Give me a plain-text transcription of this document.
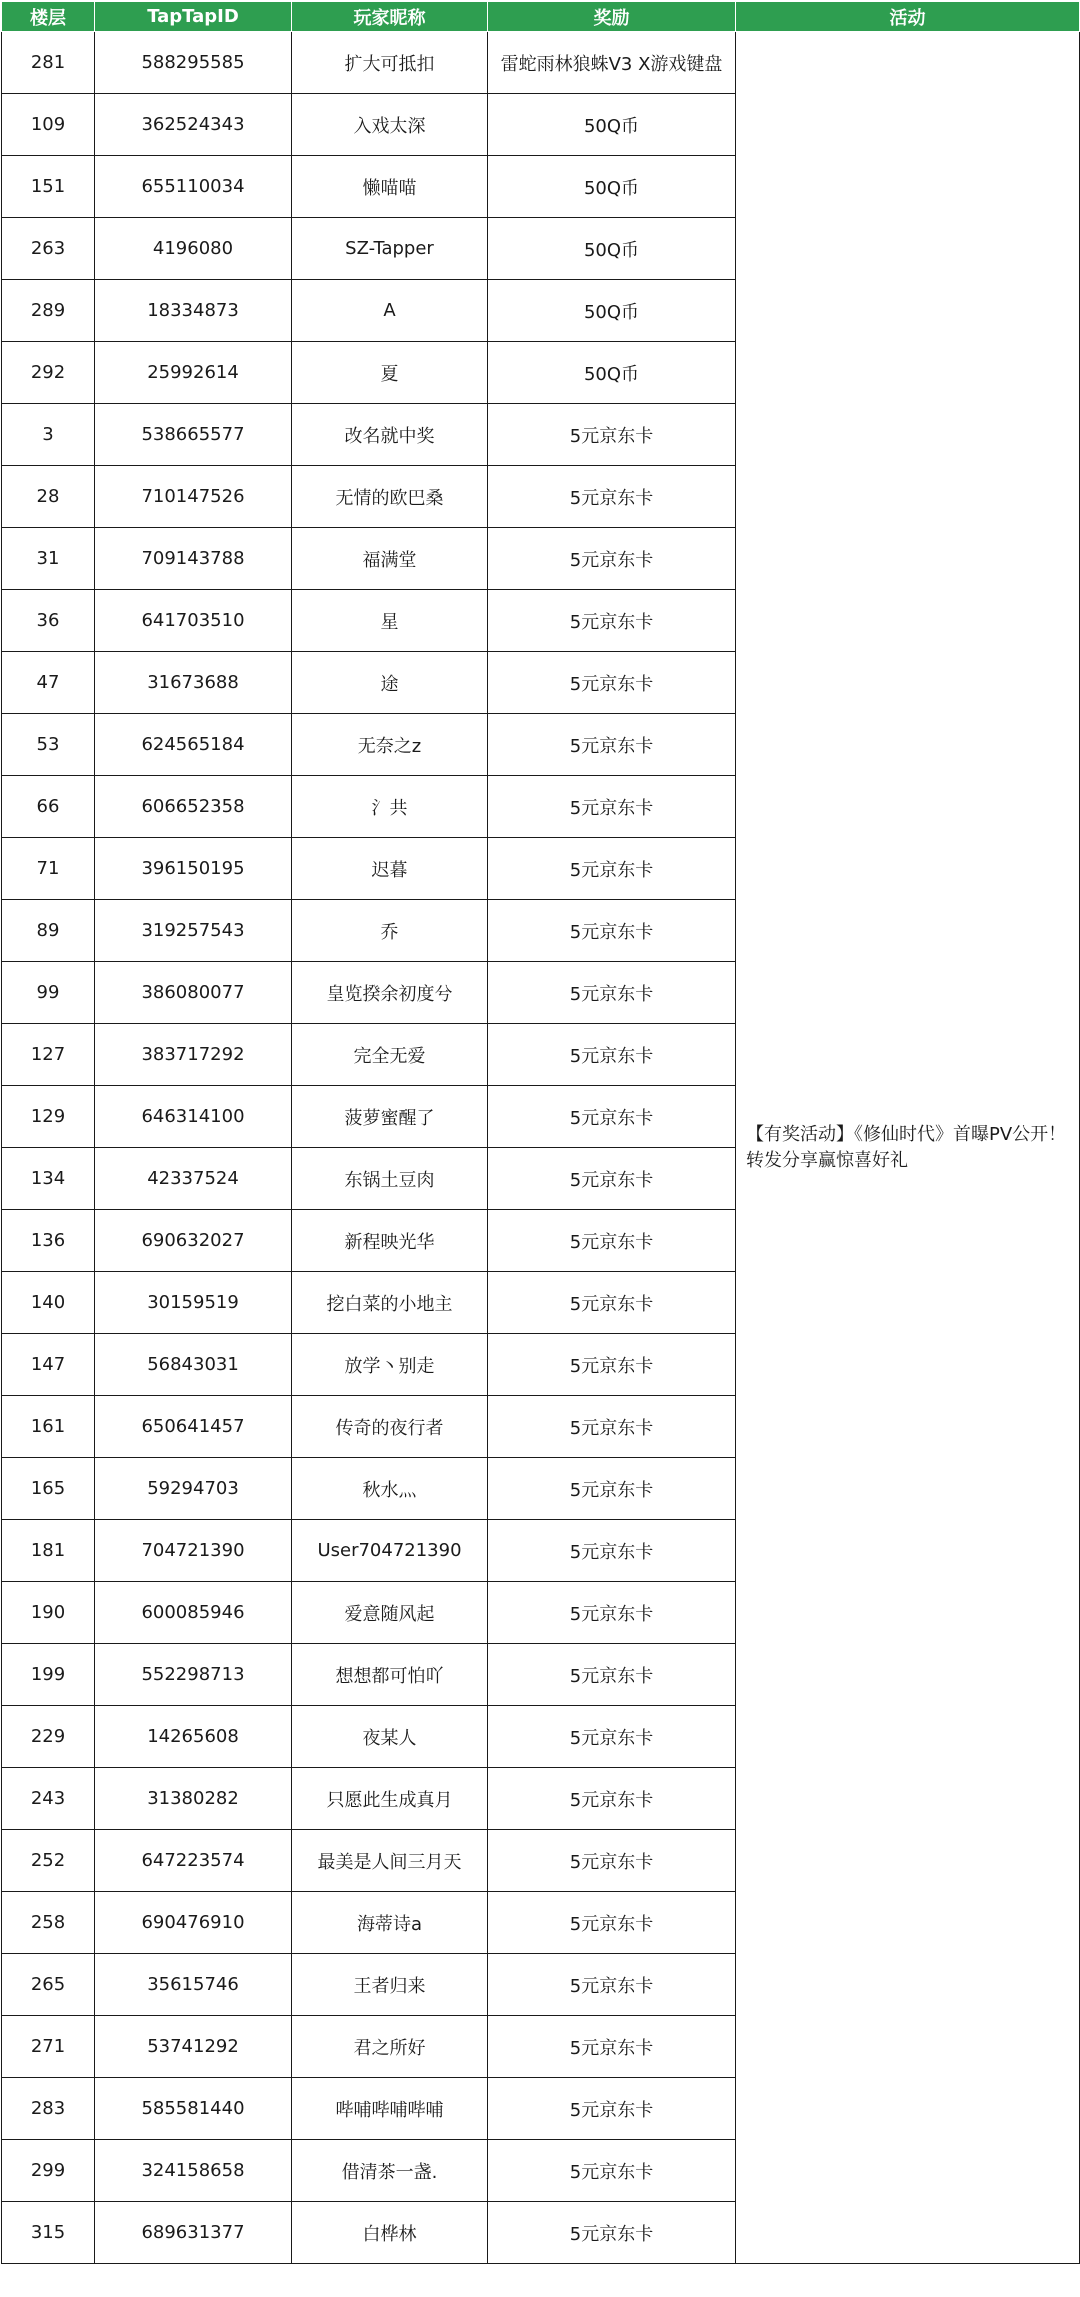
楼层	TapTapID	玩家昵称	奖励	活动
281	588295585	扩大可抵扣	雷蛇雨林狼蛛V3 X游戏键盘	【有奖活动】《修仙时代》首曝PV公开！转发分享赢惊喜好礼
109	362524343	入戏太深	50Q币	
151	655110034	懒喵喵	50Q币	
263	4196080	SZ-Tapper	50Q币	
289	18334873	A	50Q币	
292	25992614	夏	50Q币	
3	538665577	改名就中奖	5元京东卡	
28	710147526	无情的欧巴桑	5元京东卡	
31	709143788	福满堂	5元京东卡	
36	641703510	星	5元京东卡	
47	31673688	途	5元京东卡	
53	624565184	无奈之z	5元京东卡	
66	606652358	氵共	5元京东卡	
71	396150195	迟暮	5元京东卡	
89	319257543	乔	5元京东卡	
99	386080077	皇览揆余初度兮	5元京东卡	
127	383717292	完全无爱	5元京东卡	
129	646314100	菠萝蜜醒了	5元京东卡	
134	42337524	东锅土豆肉	5元京东卡	
136	690632027	新程映光华	5元京东卡	
140	30159519	挖白菜的小地主	5元京东卡	
147	56843031	放学丶别走	5元京东卡	
161	650641457	传奇的夜行者	5元京东卡	
165	59294703	秋水灬	5元京东卡	
181	704721390	User704721390	5元京东卡	
190	600085946	爱意随风起	5元京东卡	
199	552298713	想想都可怕吖	5元京东卡	
229	14265608	夜某人	5元京东卡	
243	31380282	只愿此生成真月	5元京东卡	
252	647223574	最美是人间三月天	5元京东卡	
258	690476910	海蒂诗a	5元京东卡	
265	35615746	王者归来	5元京东卡	
271	53741292	君之所好	5元京东卡	
283	585581440	哔哺哔哺哔哺	5元京东卡	
299	324158658	借清茶一盏.	5元京东卡	
315	689631377	白桦林	5元京东卡	
